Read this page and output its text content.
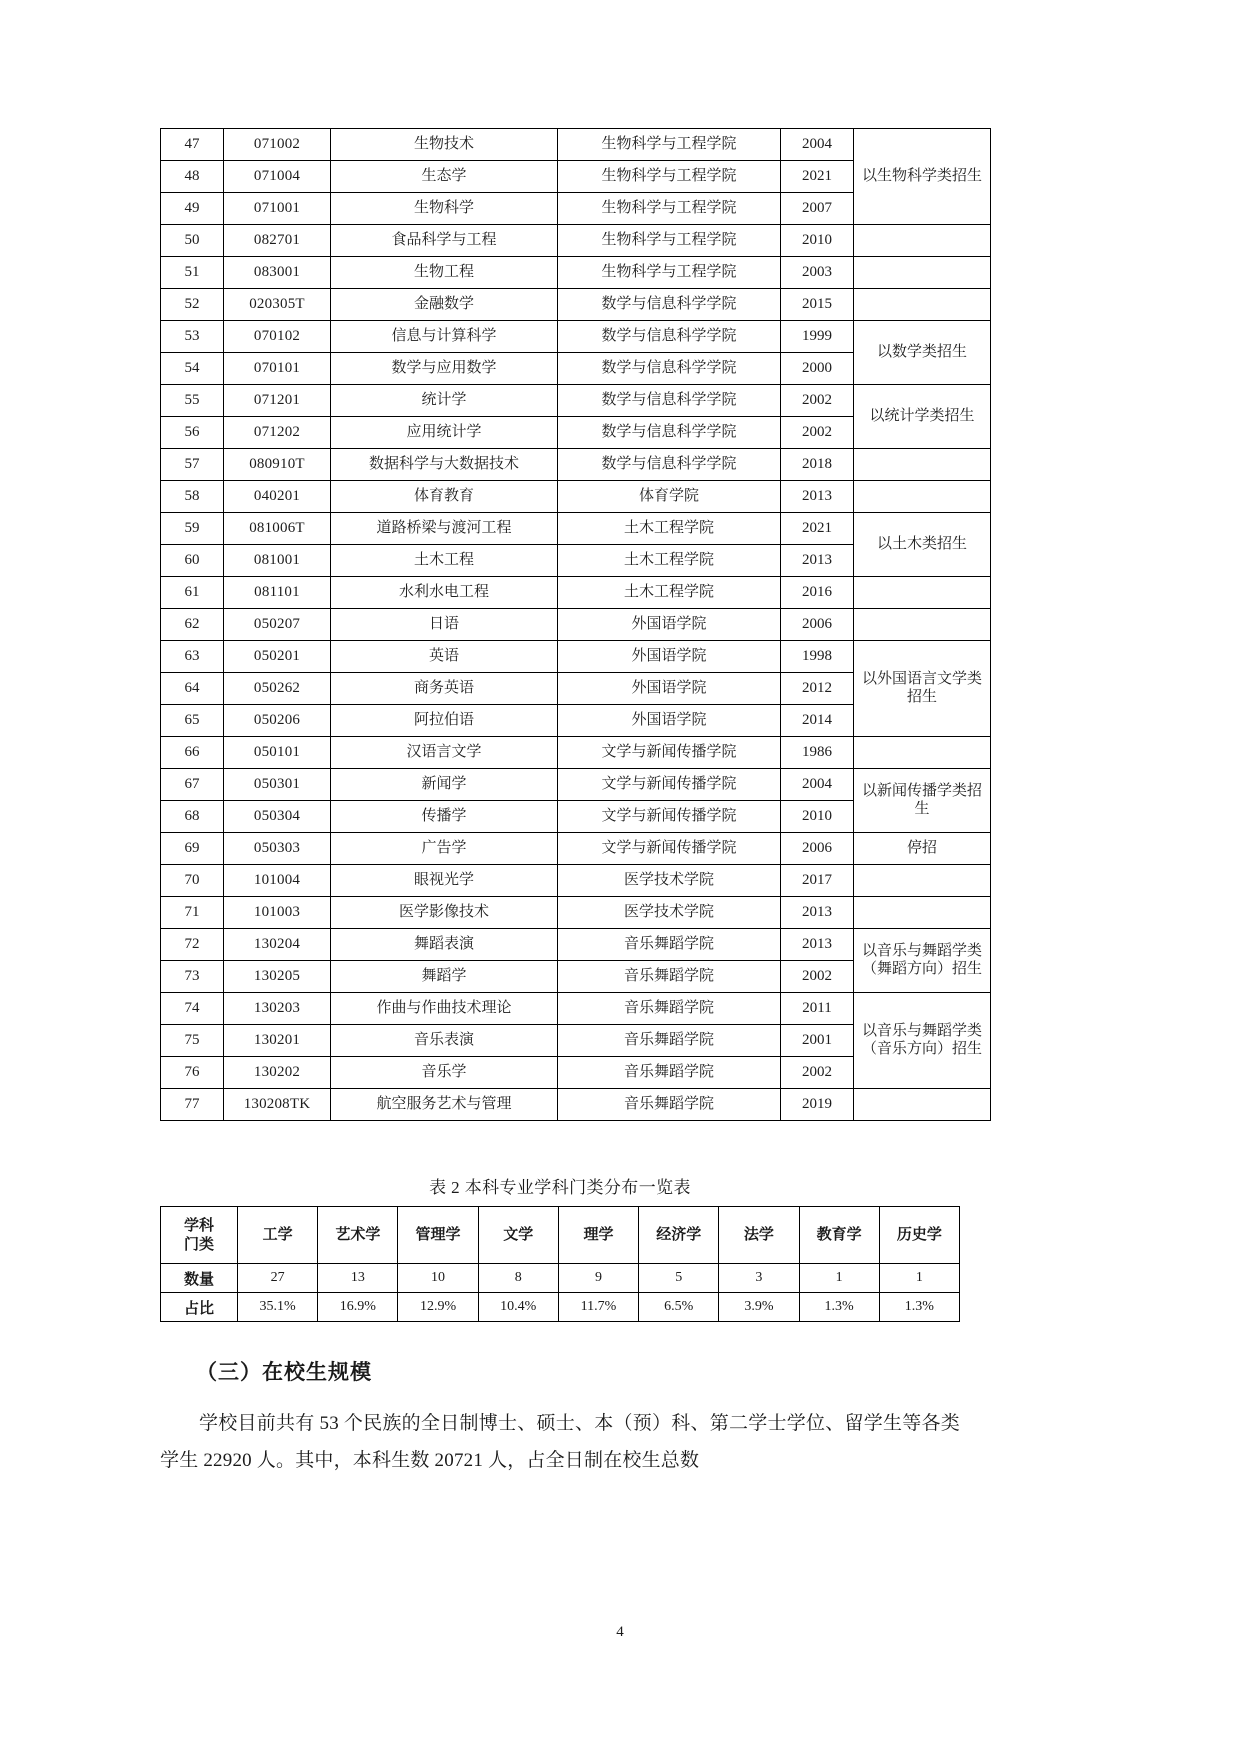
47	071002	生物技术	生物科学与工程学院	2004	以生物科学类招生
48	071004	生态学	生物科学与工程学院	2021	
49	071001	生物科学	生物科学与工程学院	2007	
50	082701	食品科学与工程	生物科学与工程学院	2010	
51	083001	生物工程	生物科学与工程学院	2003	
52	020305T	金融数学	数学与信息科学学院	2015	
53	070102	信息与计算科学	数学与信息科学学院	1999	以数学类招生
54	070101	数学与应用数学	数学与信息科学学院	2000	
55	071201	统计学	数学与信息科学学院	2002	以统计学类招生
56	071202	应用统计学	数学与信息科学学院	2002	
57	080910T	数据科学与大数据技术	数学与信息科学学院	2018	
58	040201	体育教育	体育学院	2013	
59	081006T	道路桥梁与渡河工程	土木工程学院	2021	以土木类招生
60	081001	土木工程	土木工程学院	2013	
61	081101	水利水电工程	土木工程学院	2016	
62	050207	日语	外国语学院	2006	
63	050201	英语	外国语学院	1998	以外国语言文学类招生
64	050262	商务英语	外国语学院	2012	
65	050206	阿拉伯语	外国语学院	2014	
66	050101	汉语言文学	文学与新闻传播学院	1986	
67	050301	新闻学	文学与新闻传播学院	2004	以新闻传播学类招生
68	050304	传播学	文学与新闻传播学院	2010	
69	050303	广告学	文学与新闻传播学院	2006	停招
70	101004	眼视光学	医学技术学院	2017	
71	101003	医学影像技术	医学技术学院	2013	
72	130204	舞蹈表演	音乐舞蹈学院	2013	以音乐与舞蹈学类（舞蹈方向）招生
73	130205	舞蹈学	音乐舞蹈学院	2002	
74	130203	作曲与作曲技术理论	音乐舞蹈学院	2011	以音乐与舞蹈学类（音乐方向）招生
75	130201	音乐表演	音乐舞蹈学院	2001	
76	130202	音乐学	音乐舞蹈学院	2002	
77	130208TK	航空服务艺术与管理	音乐舞蹈学院	2019	
表 2 本科专业学科门类分布一览表
学科
门类	工学	艺术学	管理学	文学	理学	经济学	法学	教育学	历史学
数量	27	13	10	8	9	5	3	1	1
占比	35.1%	16.9%	12.9%	10.4%	11.7%	6.5%	3.9%	1.3%	1.3%
（三）在校生规模

学校目前共有 53 个民族的全日制博士、硕士、本（预）科、第二学士学位、留学生等各类学生 22920 人。其中，本科生数 20721 人，占全日制在校生总数

4
